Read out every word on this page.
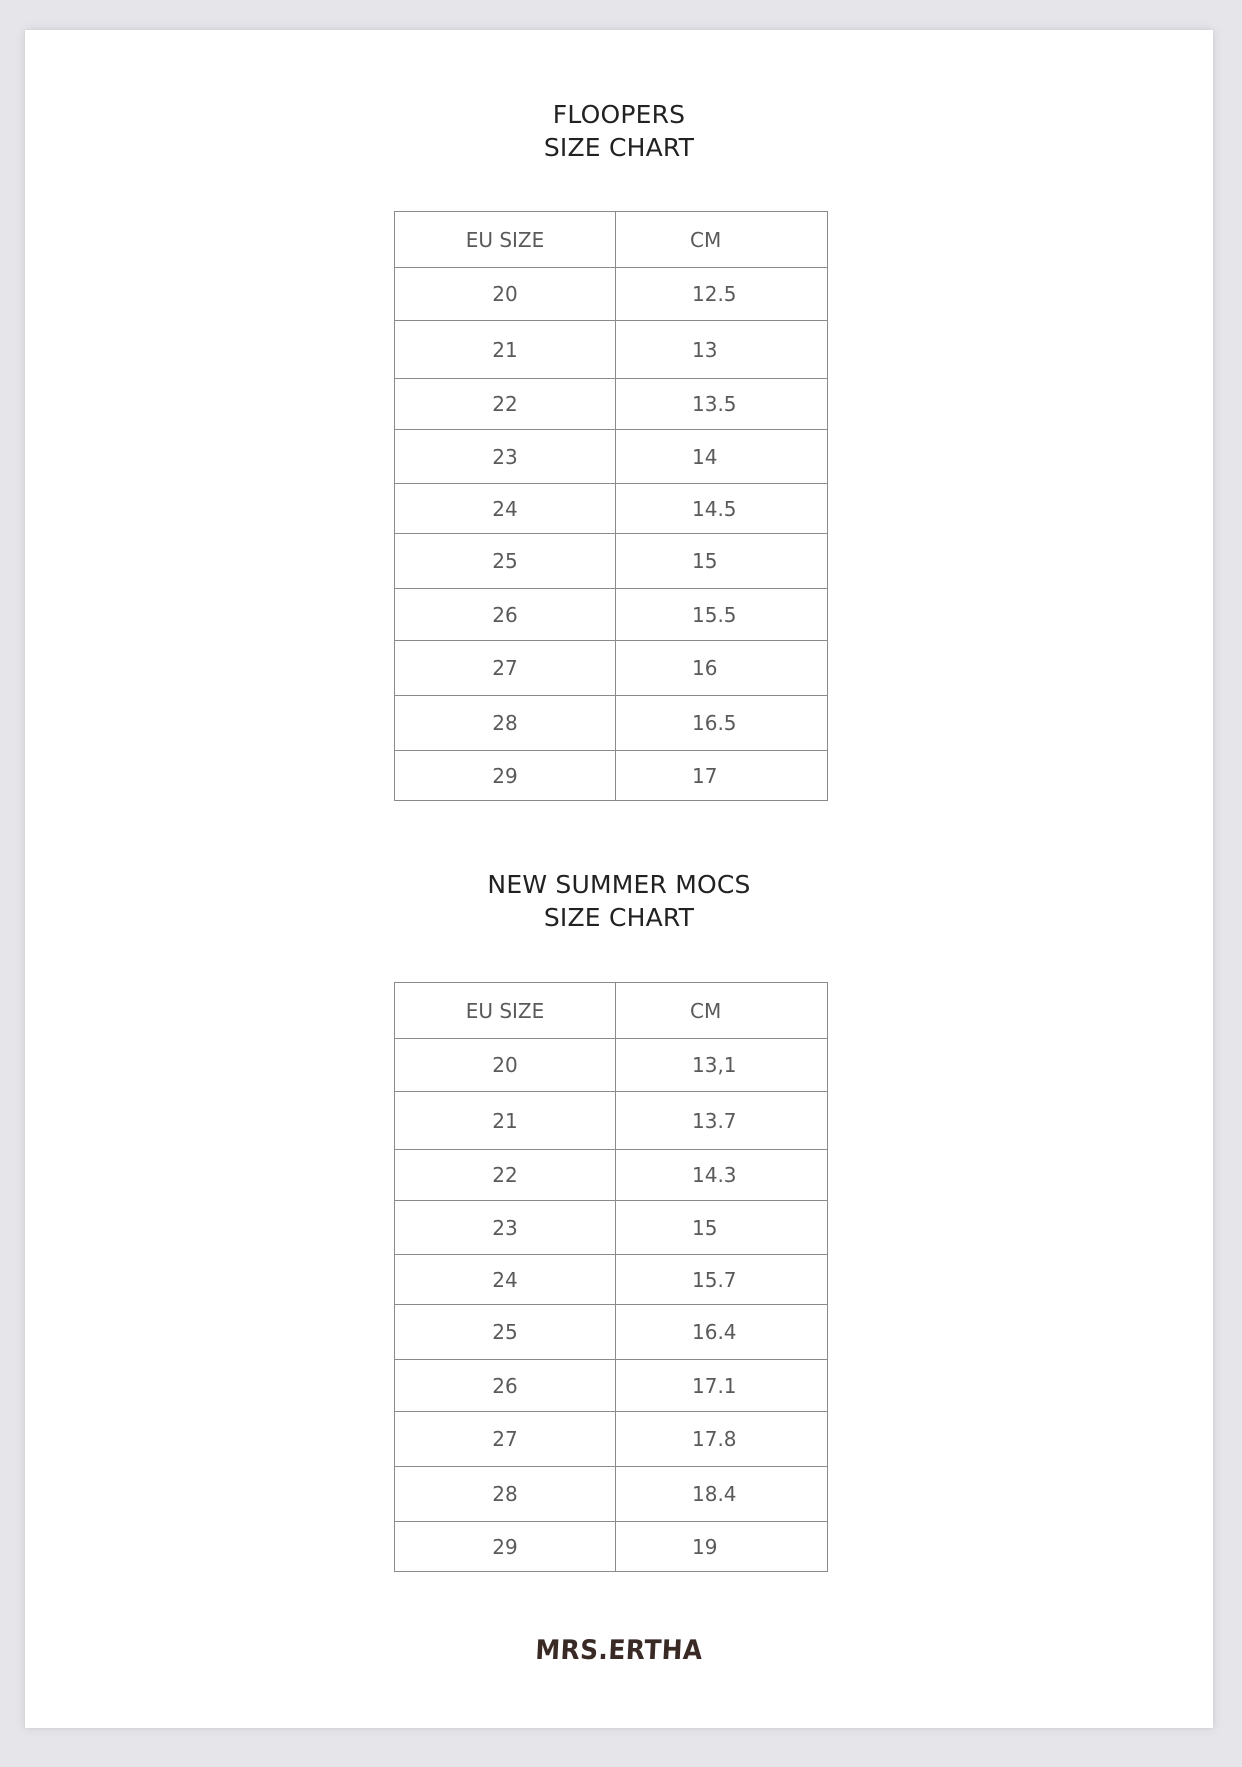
FLOOPERS
SIZE CHART
EU SIZE	CM
20	12.5
21	13
22	13.5
23	14
24	14.5
25	15
26	15.5
27	16
28	16.5
29	17
NEW SUMMER MOCS
SIZE CHART
EU SIZE	CM
20	13,1
21	13.7
22	14.3
23	15
24	15.7
25	16.4
26	17.1
27	17.8
28	18.4
29	19
MRS.ERTHA
